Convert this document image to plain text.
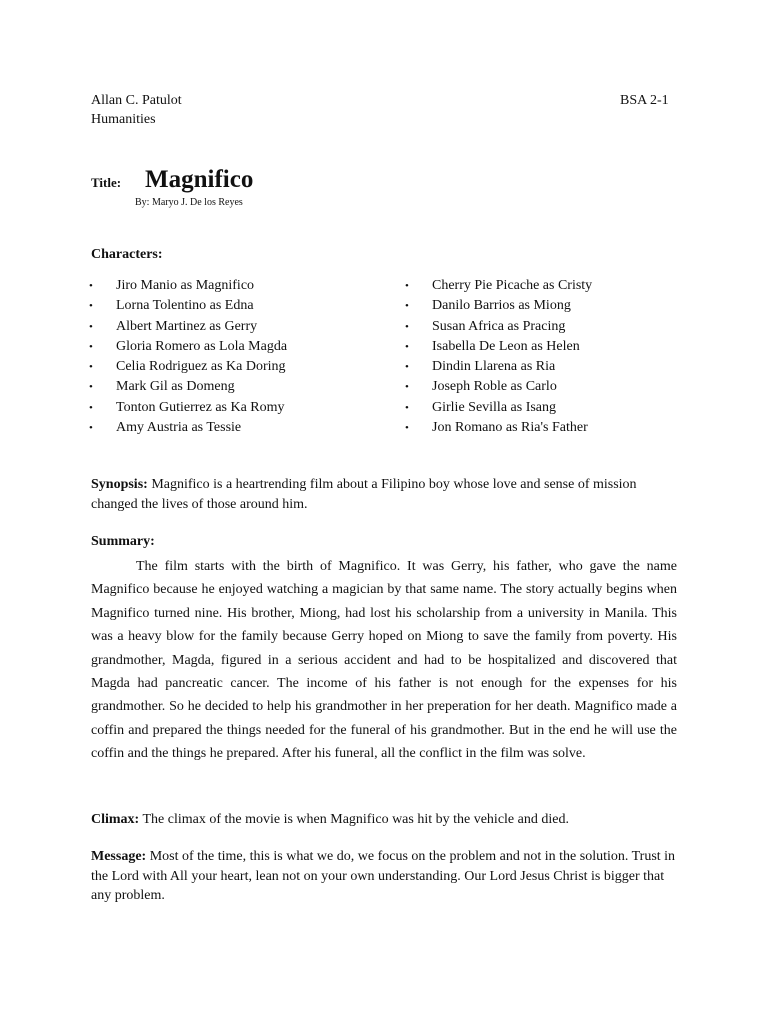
Allan C. Patulot
Humanities
BSA 2-1
Title: Magnifico
By: Maryo J. De los Reyes
Characters:
• Jiro Manio as Magnifico
• Lorna Tolentino as Edna
• Albert Martinez as Gerry
• Gloria Romero as Lola Magda
• Celia Rodriguez as Ka Doring
• Mark Gil as Domeng
• Tonton Gutierrez as Ka Romy
• Amy Austria as Tessie
• Cherry Pie Picache as Cristy
• Danilo Barrios as Miong
• Susan Africa as Pracing
• Isabella De Leon as Helen
• Dindin Llarena as Ria
• Joseph Roble as Carlo
• Girlie Sevilla as Isang
• Jon Romano as Ria's Father
Synopsis: Magnifico is a heartrending film about a Filipino boy whose love and sense of mission changed the lives of those around him.
Summary:
The film starts with the birth of Magnifico. It was Gerry, his father, who gave the name Magnifico because he enjoyed watching a magician by that same name. The story actually begins when Magnifico turned nine. His brother, Miong, had lost his scholarship from a university in Manila. This was a heavy blow for the family because Gerry hoped on Miong to save the family from poverty. His grandmother, Magda, figured in a serious accident and had to be hospitalized and discovered that Magda had pancreatic cancer. The income of his father is not enough for the expenses for his grandmother. So he decided to help his grandmother in her preperation for her death. Magnifico made a coffin and prepared the things needed for the funeral of his grandmother. But in the end he will use the coffin and the things he prepared. After his funeral, all the conflict in the film was solve.
Climax: The climax of the movie is when Magnifico was hit by the vehicle and died.
Message: Most of the time, this is what we do, we focus on the problem and not in the solution. Trust in the Lord with All your heart, lean not on your own understanding. Our Lord Jesus Christ is bigger that any problem.
